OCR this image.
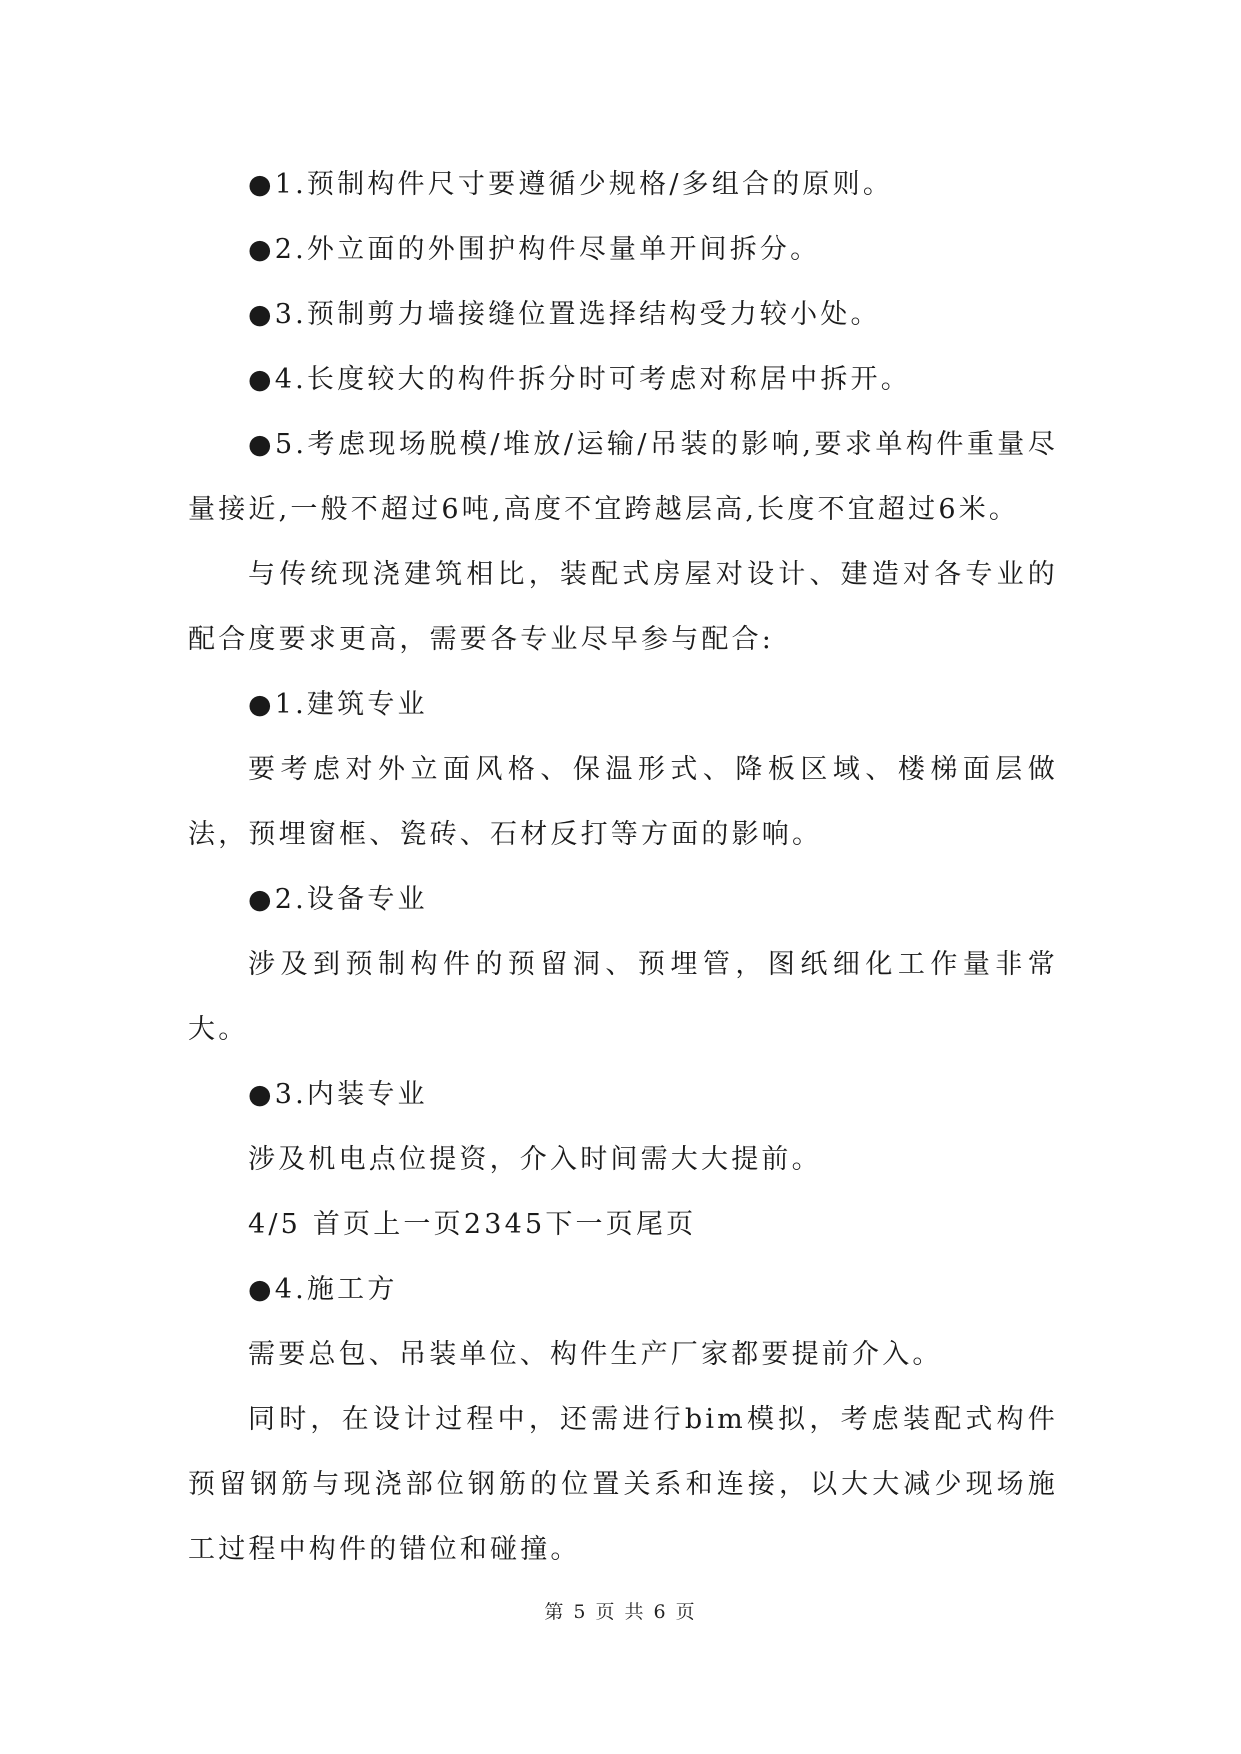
●1.预制构件尺寸要遵循少规格/多组合的原则。

●2.外立面的外围护构件尽量单开间拆分。

●3.预制剪力墙接缝位置选择结构受力较小处。

●4.长度较大的构件拆分时可考虑对称居中拆开。

●5.考虑现场脱模/堆放/运输/吊装的影响,要求单构件重量尽量接近,一般不超过6吨,高度不宜跨越层高,长度不宜超过6米。

与传统现浇建筑相比，装配式房屋对设计、建造对各专业的配合度要求更高，需要各专业尽早参与配合:

●1.建筑专业

要考虑对外立面风格、保温形式、降板区域、楼梯面层做法，预埋窗框、瓷砖、石材反打等方面的影响。

●2.设备专业

涉及到预制构件的预留洞、预埋管，图纸细化工作量非常大。

●3.内装专业

涉及机电点位提资，介入时间需大大提前。

4/5 首页上一页2345下一页尾页

●4.施工方

需要总包、吊装单位、构件生产厂家都要提前介入。

同时，在设计过程中，还需进行bim模拟，考虑装配式构件预留钢筋与现浇部位钢筋的位置关系和连接，以大大减少现场施工过程中构件的错位和碰撞。

第 5 页 共 6 页
